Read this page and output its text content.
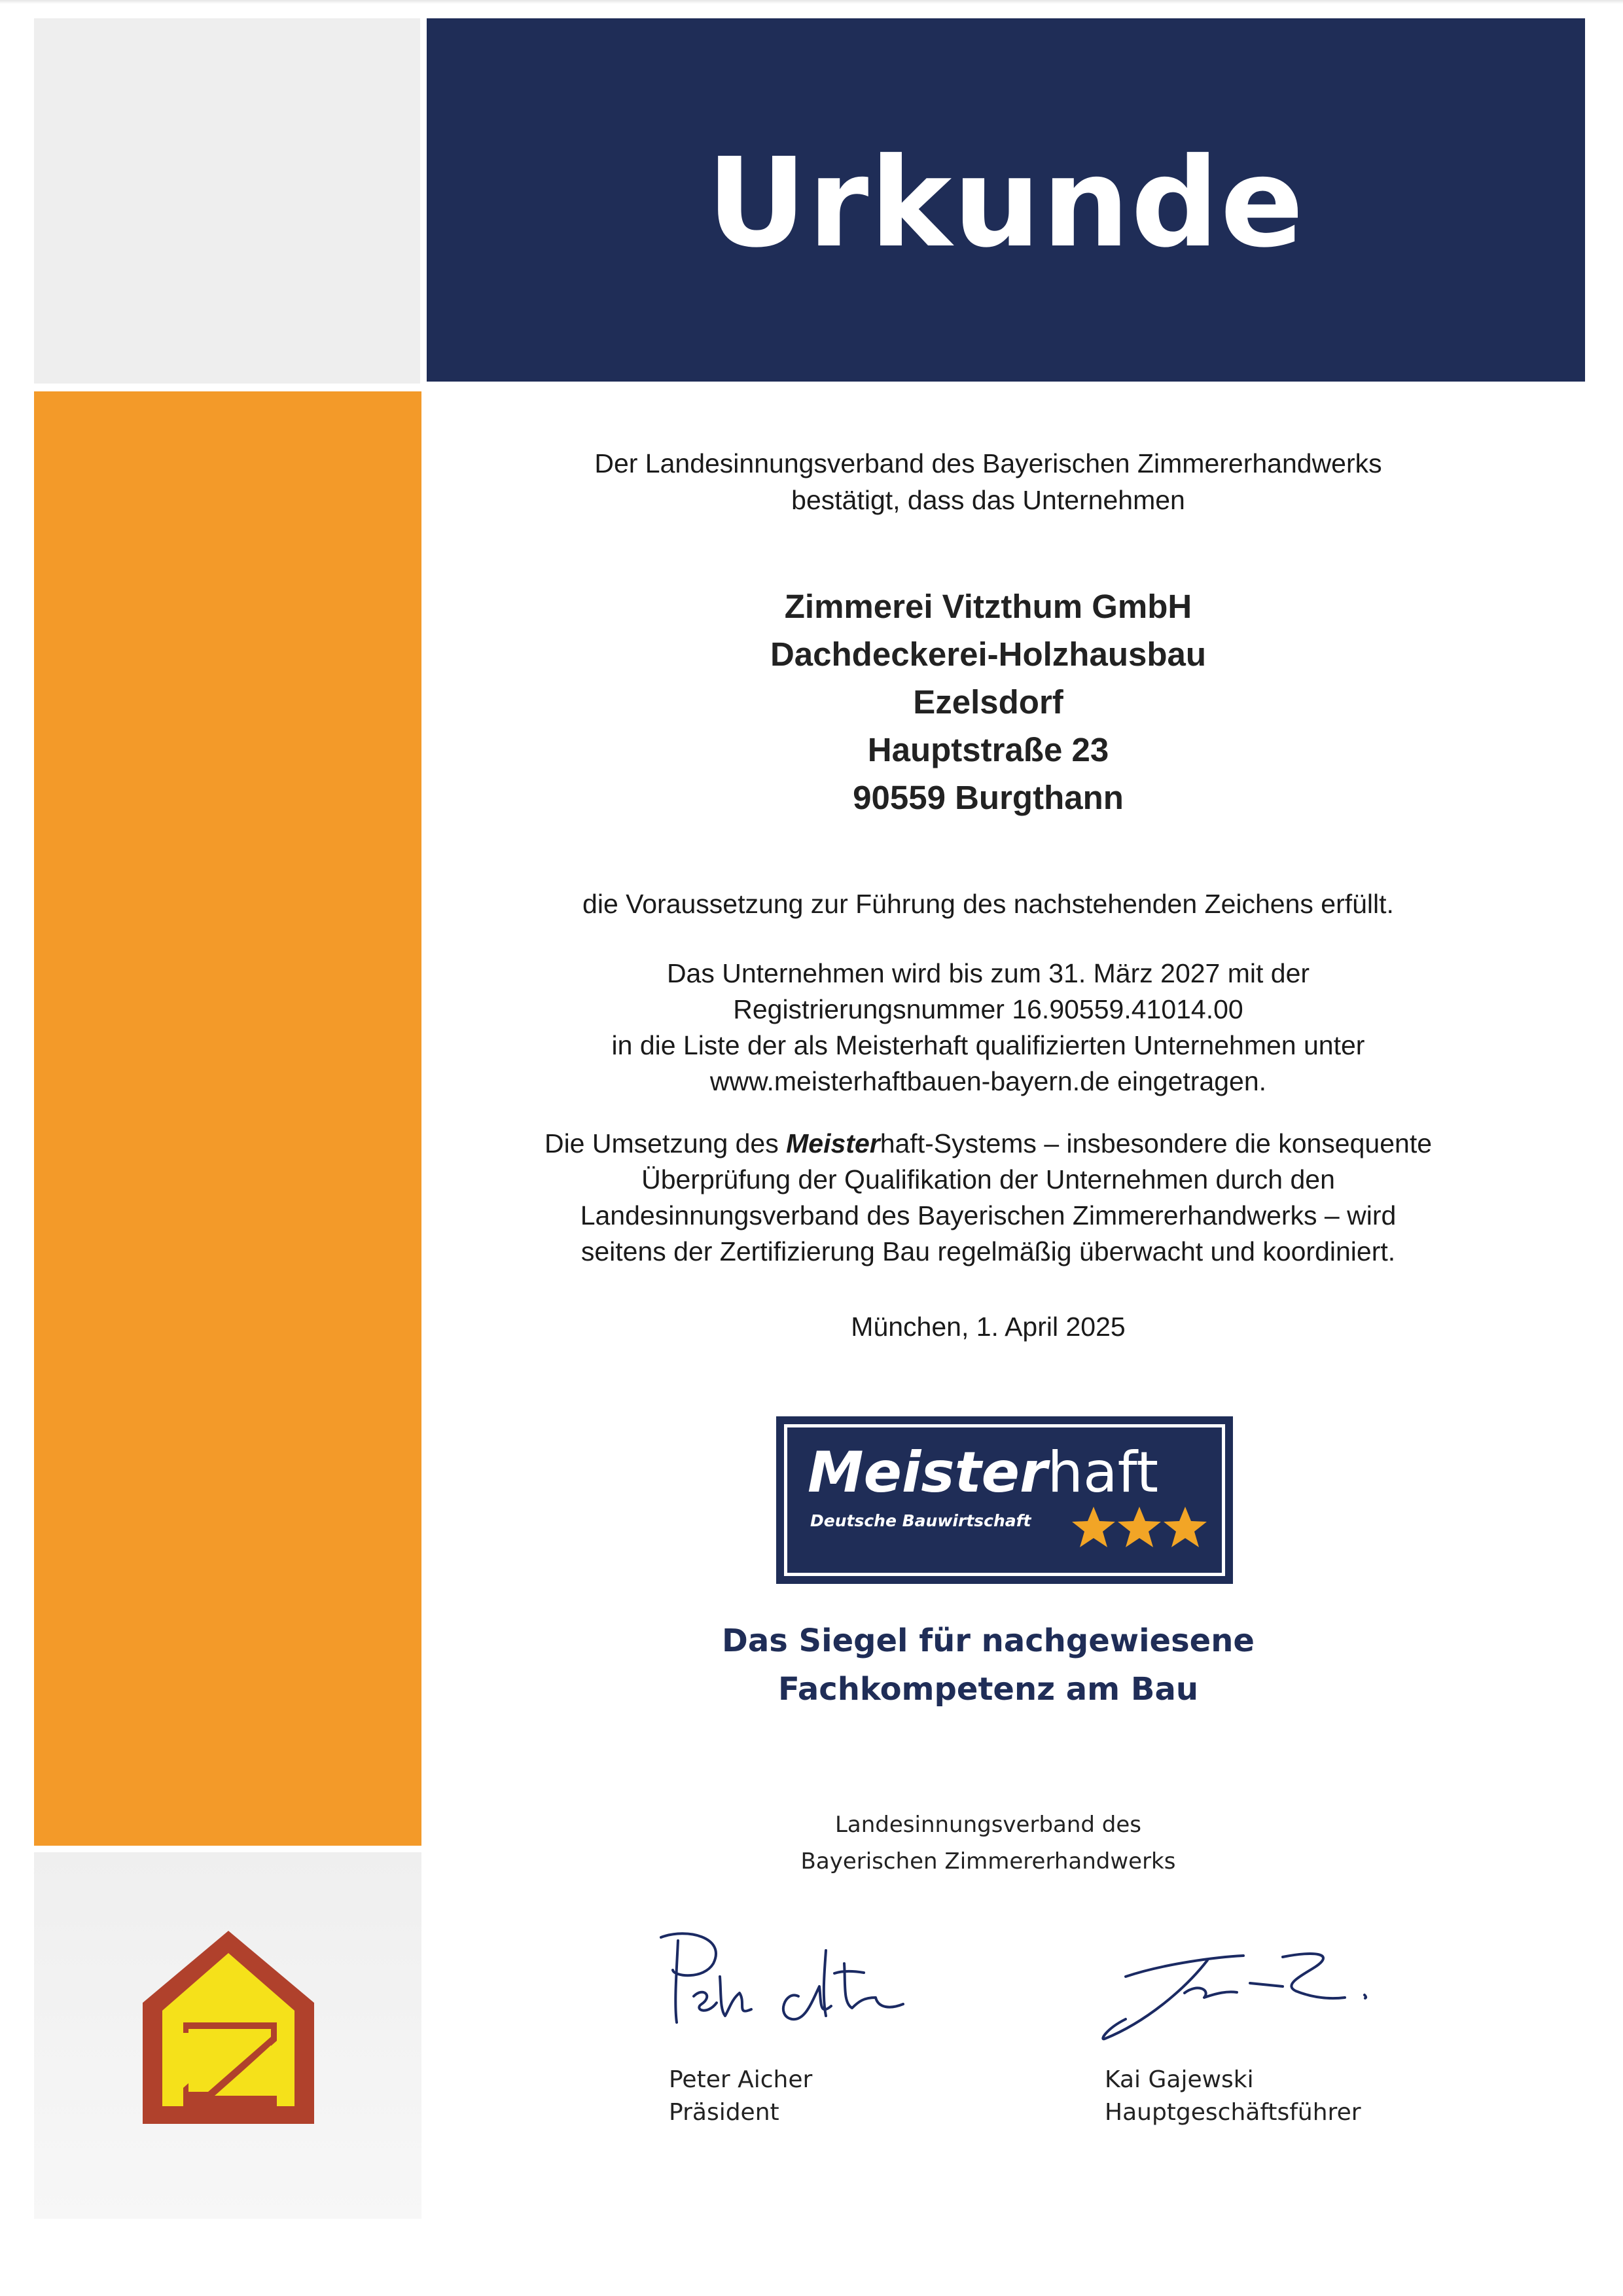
Urkunde
Der Landesinnungsverband des Bayerischen Zimmererhandwerks
bestätigt, dass das Unternehmen
Zimmerei Vitzthum GmbH
Dachdeckerei-Holzhausbau
Ezelsdorf
Hauptstraße 23
90559 Burgthann
die Voraussetzung zur Führung des nachstehenden Zeichens erfüllt.
Das Unternehmen wird bis zum 31. März 2027 mit der
Registrierungsnummer 16.90559.41014.00
in die Liste der als Meisterhaft qualifizierten Unternehmen unter
www.meisterhaftbauen-bayern.de eingetragen.
Die Umsetzung des Meisterhaft-Systems – insbesondere die konsequente
Überprüfung der Qualifikation der Unternehmen durch den
Landesinnungsverband des Bayerischen Zimmererhandwerks – wird
seitens der Zertifizierung Bau regelmäßig überwacht und koordiniert.
München, 1. April 2025
Meisterhaft
Deutsche Bauwirtschaft
Das Siegel für nachgewiesene
Fachkompetenz am Bau
Landesinnungsverband des
Bayerischen Zimmererhandwerks
Peter Aicher
Präsident
Kai Gajewski
Hauptgeschäftsführer
